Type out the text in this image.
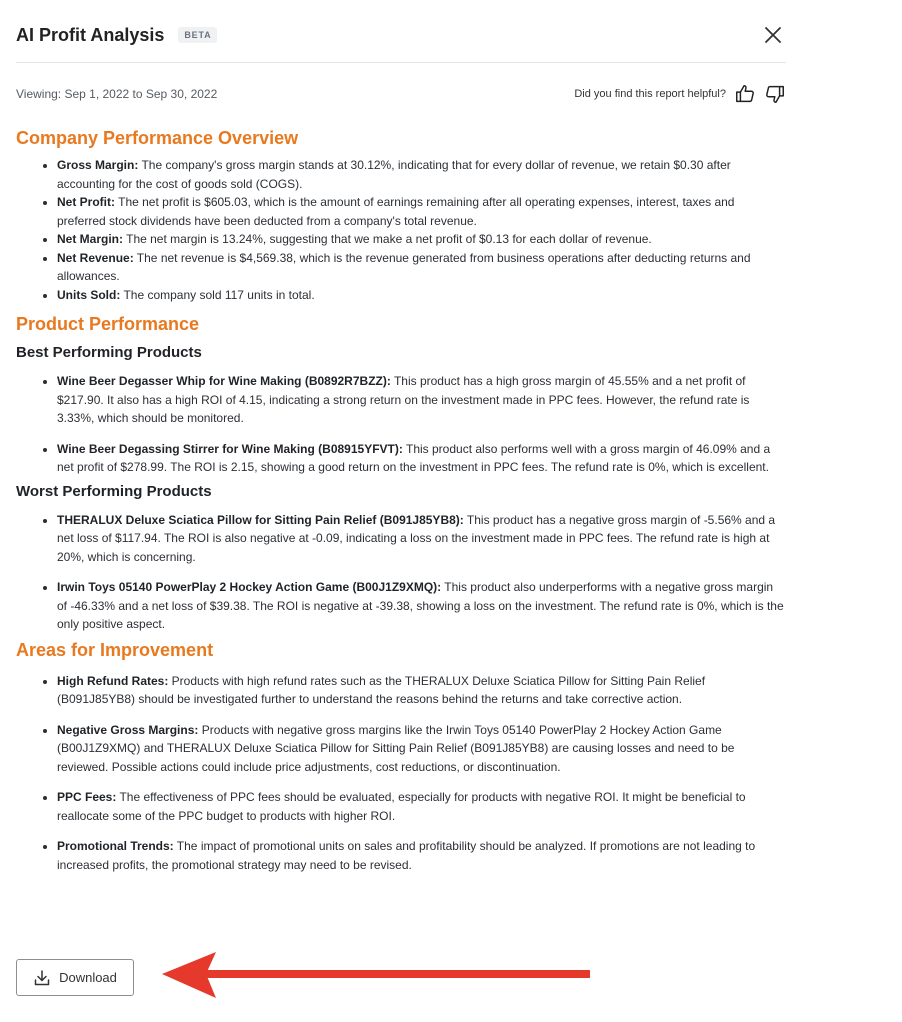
AI Profit Analysis	BETA
Viewing: Sep 1, 2022 to Sep 30, 2022	Did you find this report helpful?
Company Performance Overview
• Gross Margin: The company's gross margin stands at 30.12%, indicating that for every dollar of revenue, we retain $0.30 after accounting for the cost of goods sold (COGS).
• Net Profit: The net profit is $605.03, which is the amount of earnings remaining after all operating expenses, interest, taxes and preferred stock dividends have been deducted from a company's total revenue.
• Net Margin: The net margin is 13.24%, suggesting that we make a net profit of $0.13 for each dollar of revenue.
• Net Revenue: The net revenue is $4,569.38, which is the revenue generated from business operations after deducting returns and allowances.
• Units Sold: The company sold 117 units in total.
Product Performance
Best Performing Products
• Wine Beer Degasser Whip for Wine Making (B0892R7BZZ): This product has a high gross margin of 45.55% and a net profit of $217.90. It also has a high ROI of 4.15, indicating a strong return on the investment made in PPC fees. However, the refund rate is 3.33%, which should be monitored.
• Wine Beer Degassing Stirrer for Wine Making (B08915YFVT): This product also performs well with a gross margin of 46.09% and a net profit of $278.99. The ROI is 2.15, showing a good return on the investment in PPC fees. The refund rate is 0%, which is excellent.
Worst Performing Products
• THERALUX Deluxe Sciatica Pillow for Sitting Pain Relief (B091J85YB8): This product has a negative gross margin of -5.56% and a net loss of $117.94. The ROI is also negative at -0.09, indicating a loss on the investment made in PPC fees. The refund rate is high at 20%, which is concerning.
• Irwin Toys 05140 PowerPlay 2 Hockey Action Game (B00J1Z9XMQ): This product also underperforms with a negative gross margin of -46.33% and a net loss of $39.38. The ROI is negative at -39.38, showing a loss on the investment. The refund rate is 0%, which is the only positive aspect.
Areas for Improvement
• High Refund Rates: Products with high refund rates such as the THERALUX Deluxe Sciatica Pillow for Sitting Pain Relief (B091J85YB8) should be investigated further to understand the reasons behind the returns and take corrective action.
• Negative Gross Margins: Products with negative gross margins like the Irwin Toys 05140 PowerPlay 2 Hockey Action Game (B00J1Z9XMQ) and THERALUX Deluxe Sciatica Pillow for Sitting Pain Relief (B091J85YB8) are causing losses and need to be reviewed. Possible actions could include price adjustments, cost reductions, or discontinuation.
• PPC Fees: The effectiveness of PPC fees should be evaluated, especially for products with negative ROI. It might be beneficial to reallocate some of the PPC budget to products with higher ROI.
• Promotional Trends: The impact of promotional units on sales and profitability should be analyzed. If promotions are not leading to increased profits, the promotional strategy may need to be revised.
Download
